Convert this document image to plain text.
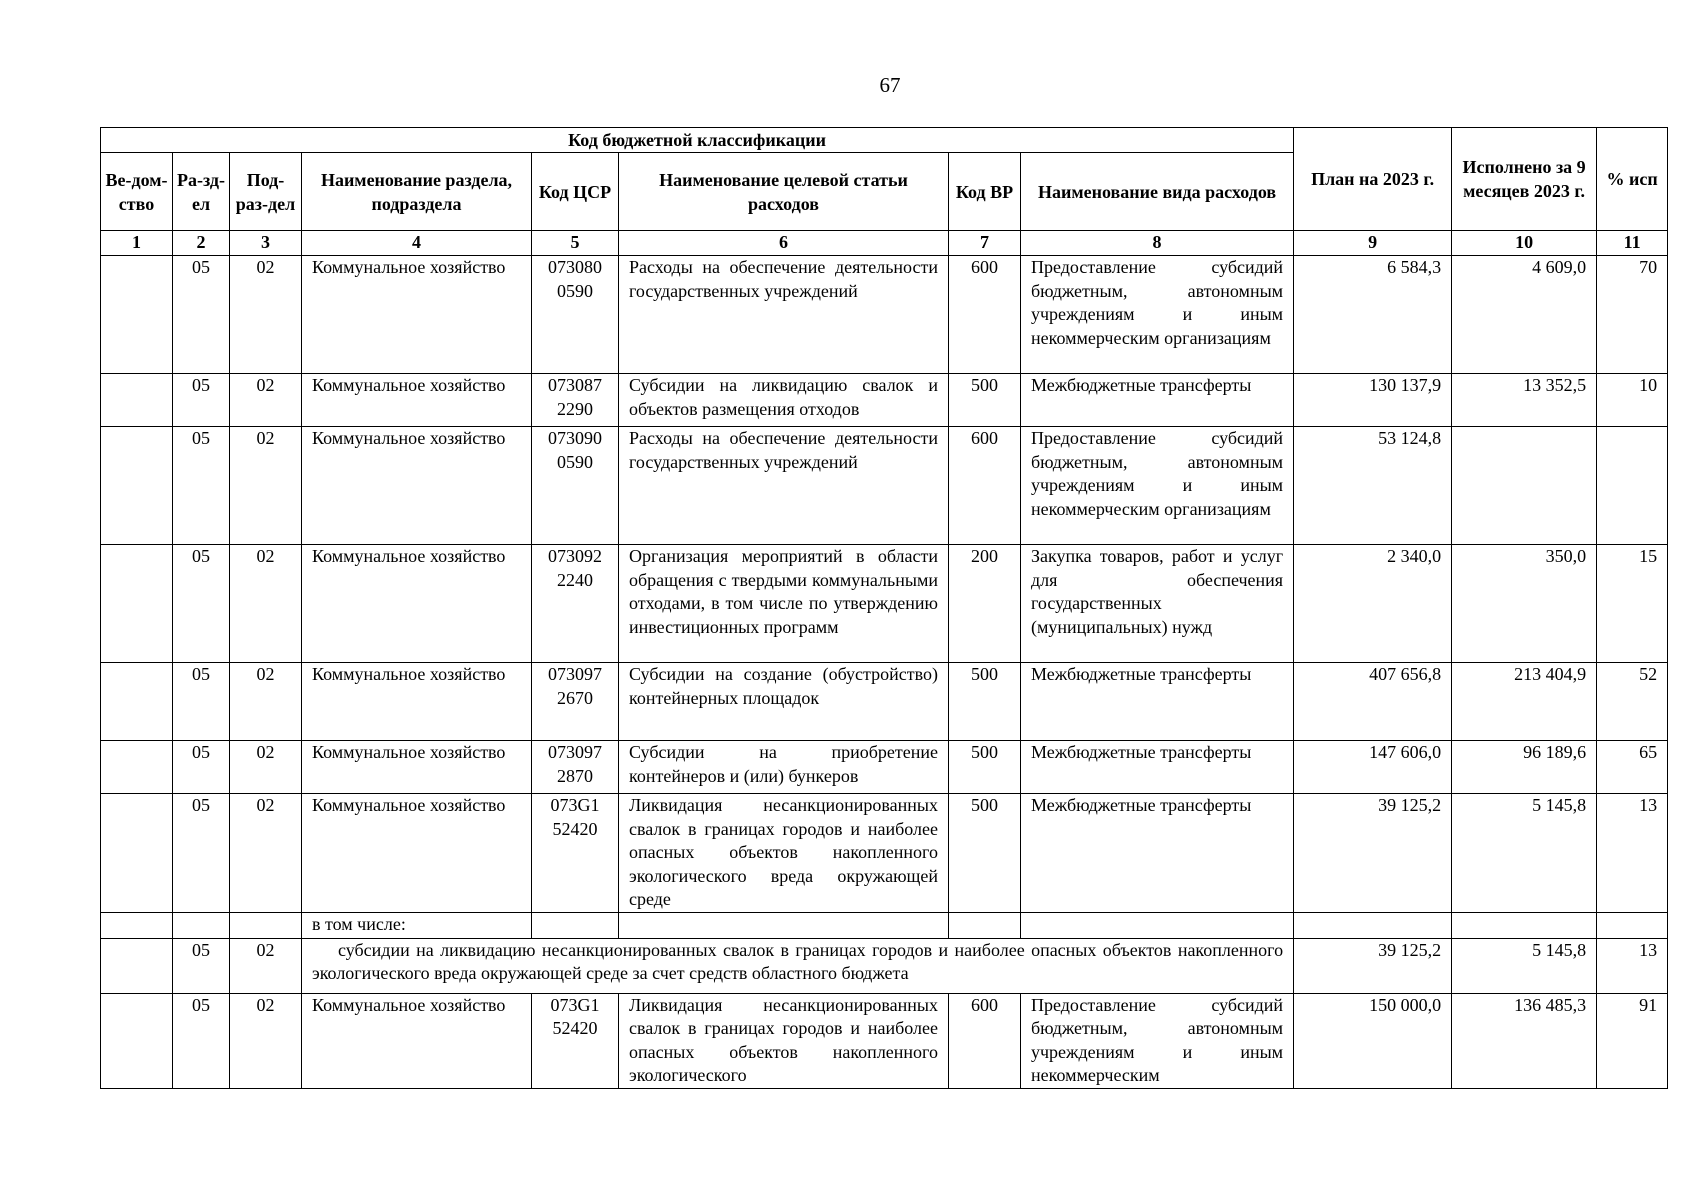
67
Код бюджетной классификации								План на 2023 г.	Исполнено за 9 месяцев 2023 г.	% исп
Ве-дом-ство	Ра-зд-ел	Под-раз-дел	Наименование раздела, подраздела	Код ЦСР	Наименование целевой статьи расходов	Код ВР	Наименование вида расходов			
1	2	3	4	5	6	7	8	9	10	11
	05	02	Коммунальное хозяйство	073080 0590	Расходы на обеспечение деятельности государственных учреждений	600	Предоставление субсидий бюджетным, автономным учреждениям и иным некоммерческим организациям	6 584,3	4 609,0	70
	05	02	Коммунальное хозяйство	073087 2290	Субсидии на ликвидацию свалок и объектов размещения отходов	500	Межбюджетные трансферты	130 137,9	13 352,5	10
	05	02	Коммунальное хозяйство	073090 0590	Расходы на обеспечение деятельности государственных учреждений	600	Предоставление субсидий бюджетным, автономным учреждениям и иным некоммерческим организациям	53 124,8		
	05	02	Коммунальное хозяйство	073092 2240	Организация мероприятий в области обращения с твердыми коммунальными отходами, в том числе по утверждению инвестиционных программ	200	Закупка товаров, работ и услуг для обеспечения государственных (муниципальных) нужд	2 340,0	350,0	15
	05	02	Коммунальное хозяйство	073097 2670	Субсидии на создание (обустройство) контейнерных площадок	500	Межбюджетные трансферты	407 656,8	213 404,9	52
	05	02	Коммунальное хозяйство	073097 2870	Субсидии на приобретение контейнеров и (или) бункеров	500	Межбюджетные трансферты	147 606,0	96 189,6	65
	05	02	Коммунальное хозяйство	073G1 52420	Ликвидация несанкционированных свалок в границах городов и наиболее опасных объектов накопленного экологического вреда окружающей среде	500	Межбюджетные трансферты	39 125,2	5 145,8	13
			в том числе:							
	05	02	субсидии на ликвидацию несанкционированных свалок в границах городов и наиболее опасных объектов накопленного экологического вреда окружающей среде за счет средств областного бюджета					39 125,2	5 145,8	13
	05	02	Коммунальное хозяйство	073G1 52420	Ликвидация несанкционированных свалок в границах городов и наиболее опасных объектов накопленного экологического	600	Предоставление субсидий бюджетным, автономным учреждениям и иным некоммерческим	150 000,0	136 485,3	91
